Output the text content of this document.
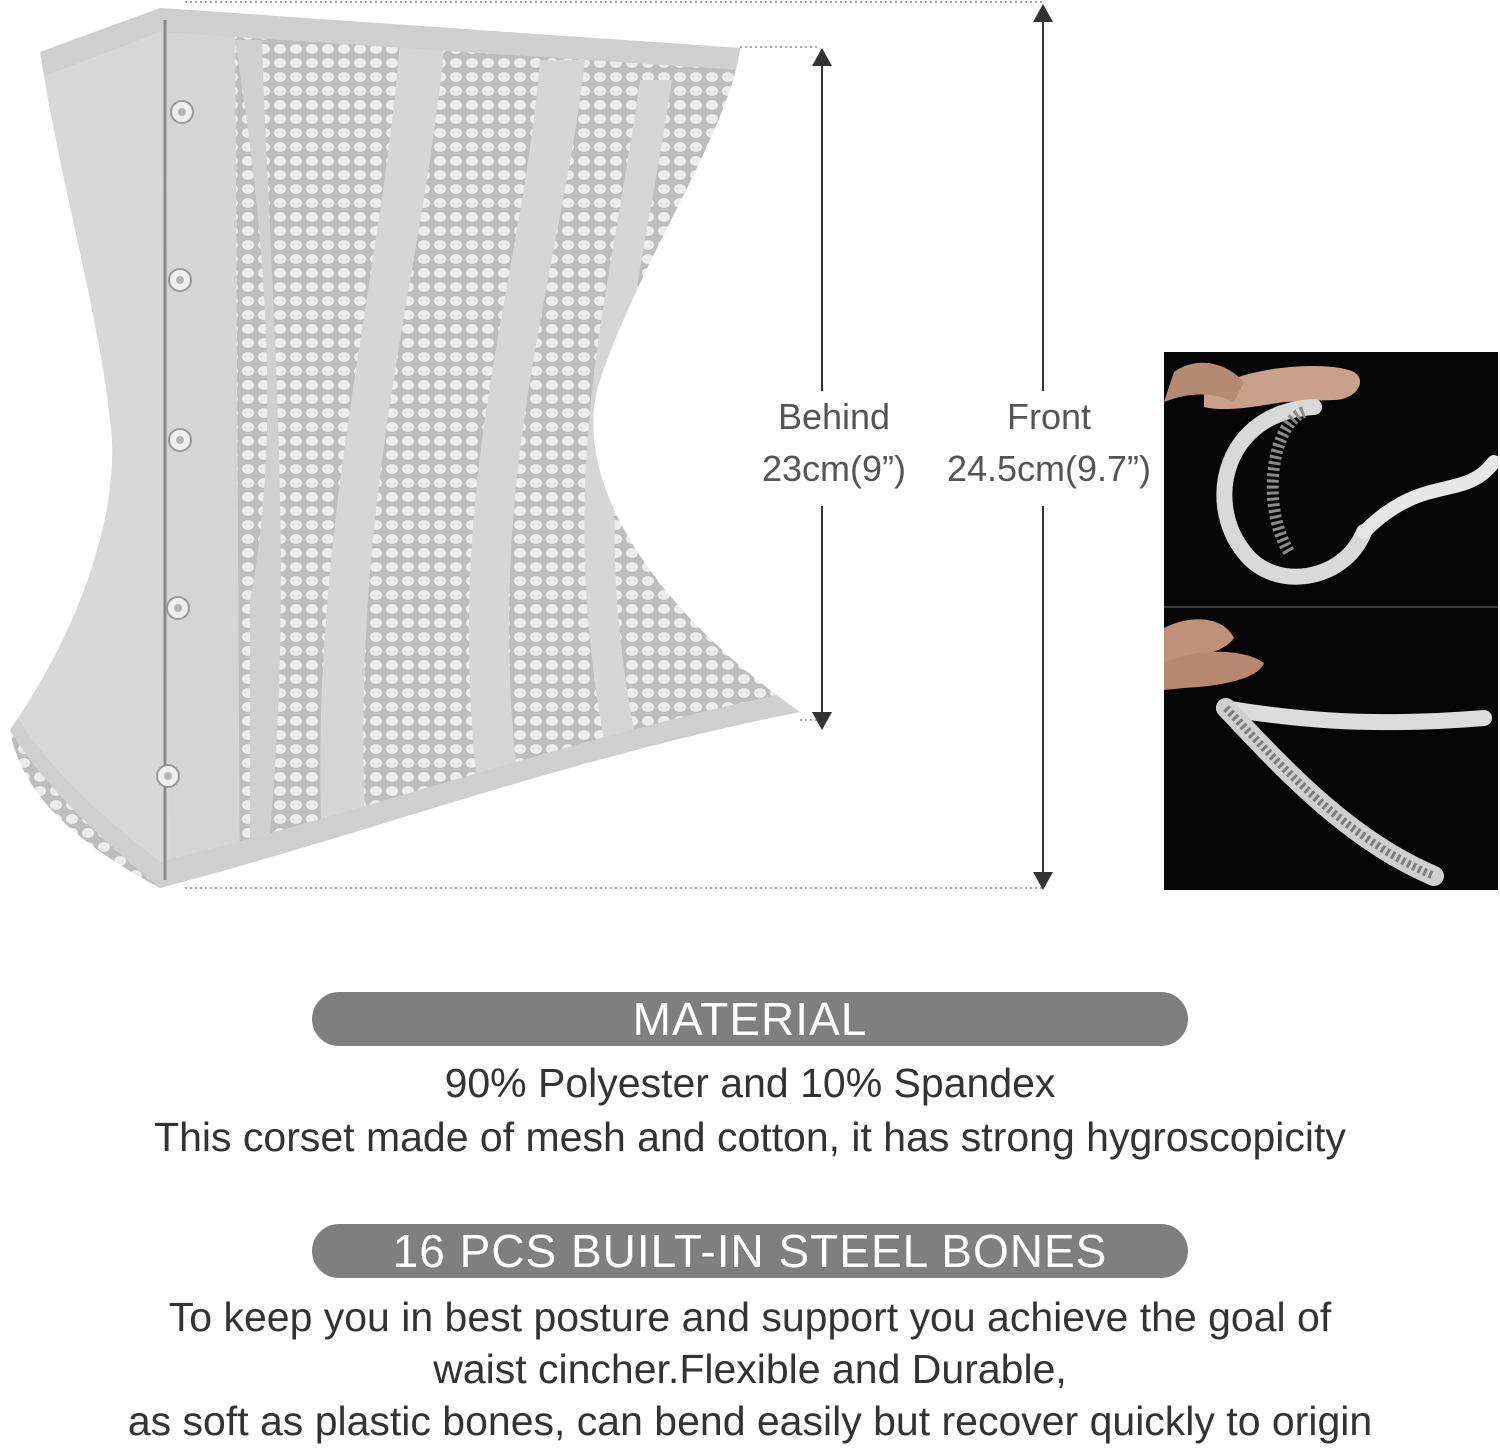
Behind
23cm(9”)
Front
24.5cm(9.7”)
MATERIAL
90% Polyester and 10% Spandex
This corset made of mesh and cotton, it has strong hygroscopicity
16 PCS BUILT-IN STEEL BONES
To keep you in best posture and support you achieve the goal of
waist cincher.Flexible and Durable,
as soft as plastic bones, can bend easily but recover quickly to origin
